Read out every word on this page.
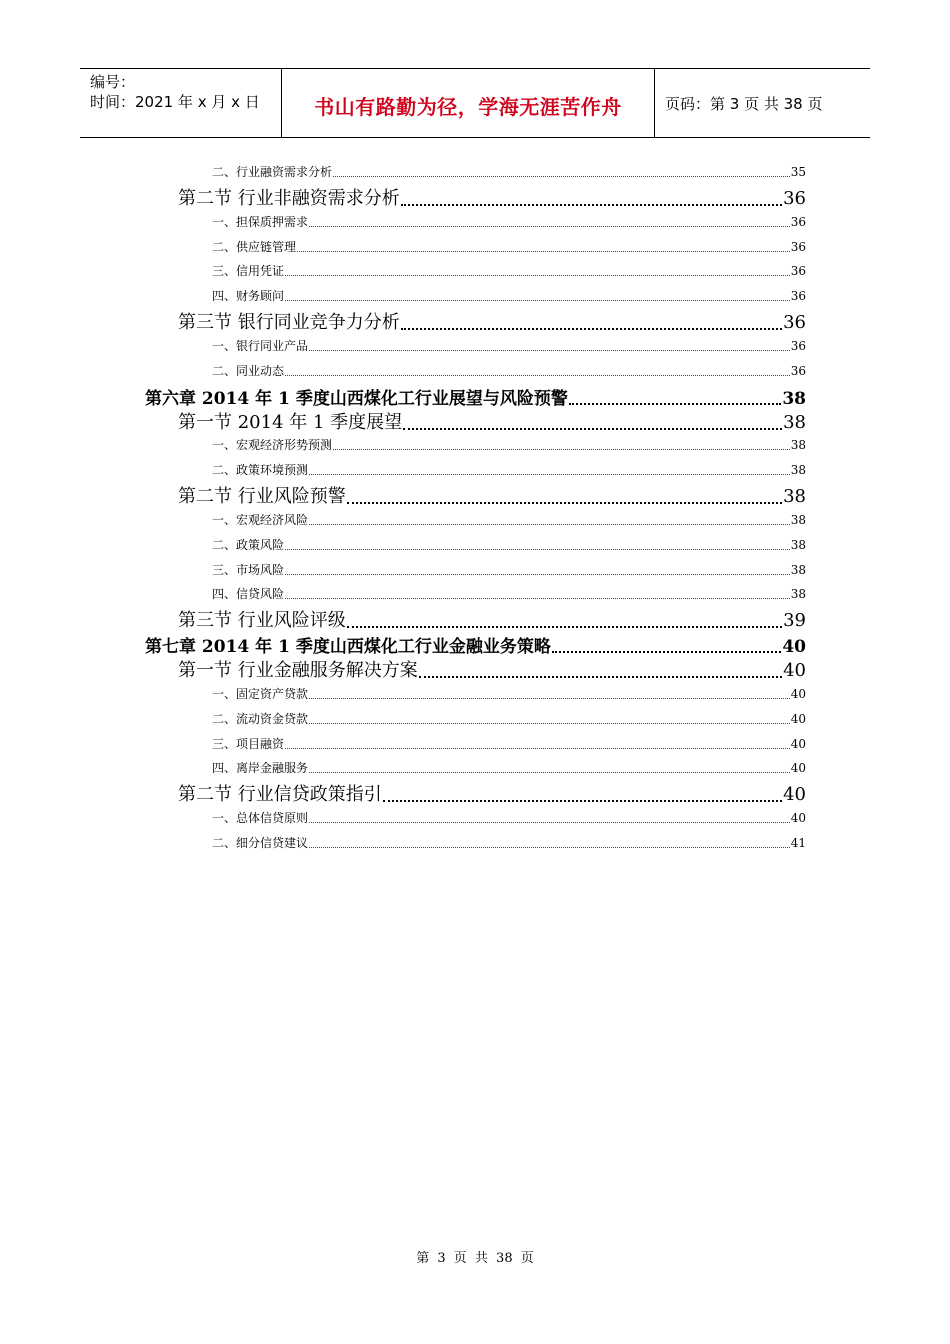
编号：
时间：2021 年 x 月 x 日	书山有路勤为径，学海无涯苦作舟	页码：第 3 页 共 38 页
二、行业融资需求分析	35
第二节 行业非融资需求分析	36
一、担保质押需求	36
二、供应链管理	36
三、信用凭证	36
四、财务顾问	36
第三节 银行同业竞争力分析	36
一、银行同业产品	36
二、同业动态	36
第六章 2014 年 1 季度山西煤化工行业展望与风险预警	38
第一节 2014 年 1 季度展望	38
一、宏观经济形势预测	38
二、政策环境预测	38
第二节 行业风险预警	38
一、宏观经济风险	38
二、政策风险	38
三、市场风险	38
四、信贷风险	38
第三节 行业风险评级	39
第七章 2014 年 1 季度山西煤化工行业金融业务策略	40
第一节 行业金融服务解决方案	40
一、固定资产贷款	40
二、流动资金贷款	40
三、项目融资	40
四、离岸金融服务	40
第二节 行业信贷政策指引	40
一、总体信贷原则	40
二、细分信贷建议	41
第 3 页 共 38 页
